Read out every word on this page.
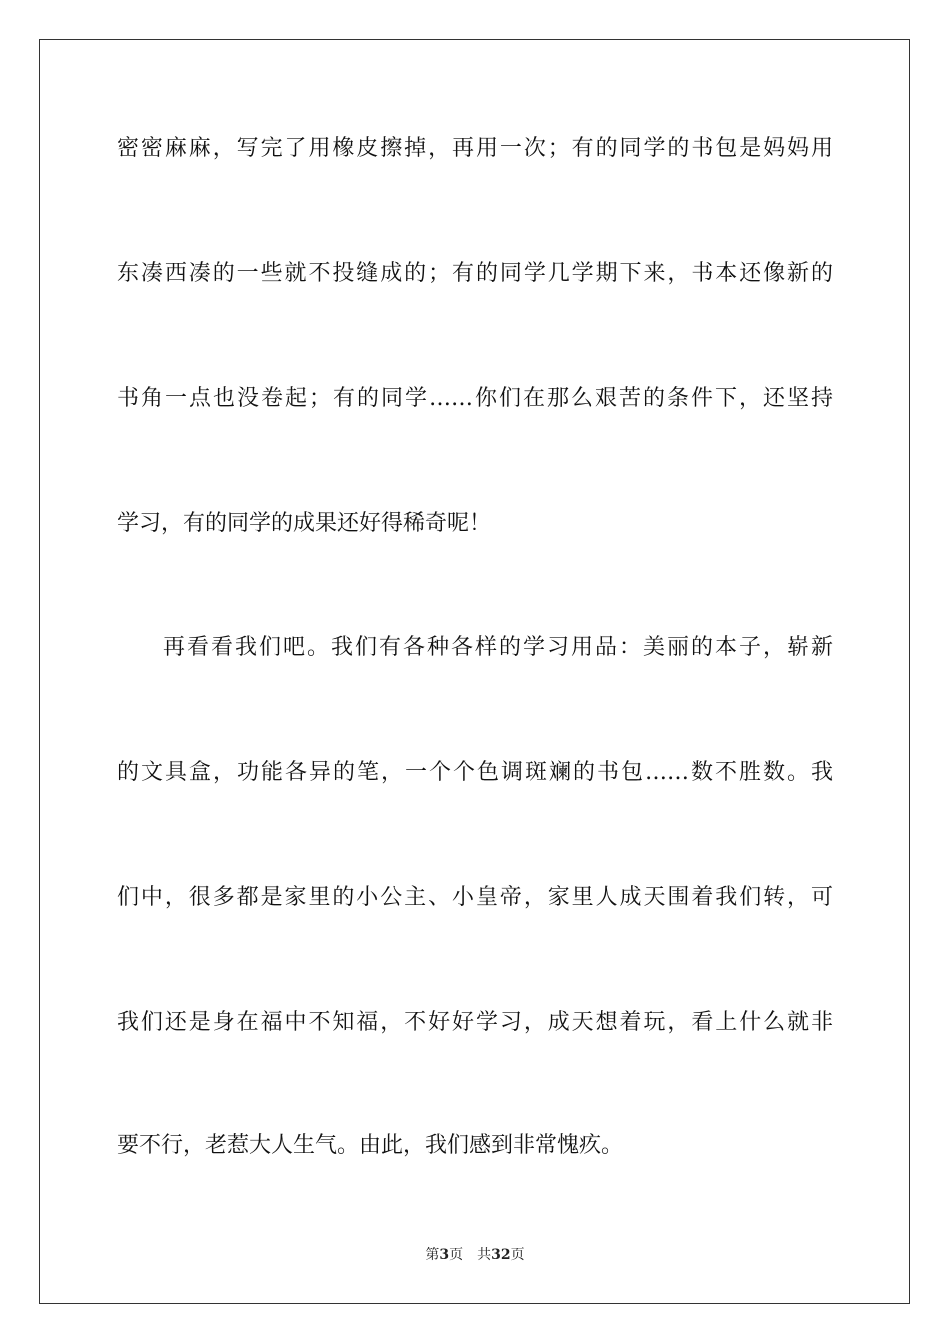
密密麻麻，写完了用橡皮擦掉，再用一次；有的同学的书包是妈妈用
东凑西凑的一些就不投缝成的；有的同学几学期下来，书本还像新的
书角一点也没卷起；有的同学……你们在那么艰苦的条件下，还坚持
学习，有的同学的成果还好得稀奇呢！
再看看我们吧。我们有各种各样的学习用品：美丽的本子，崭新
的文具盒，功能各异的笔，一个个色调斑斓的书包……数不胜数。我
们中，很多都是家里的小公主、小皇帝，家里人成天围着我们转，可
我们还是身在福中不知福，不好好学习，成天想着玩，看上什么就非
要不行，老惹大人生气。由此，我们感到非常愧疚。
第3页 共32页
